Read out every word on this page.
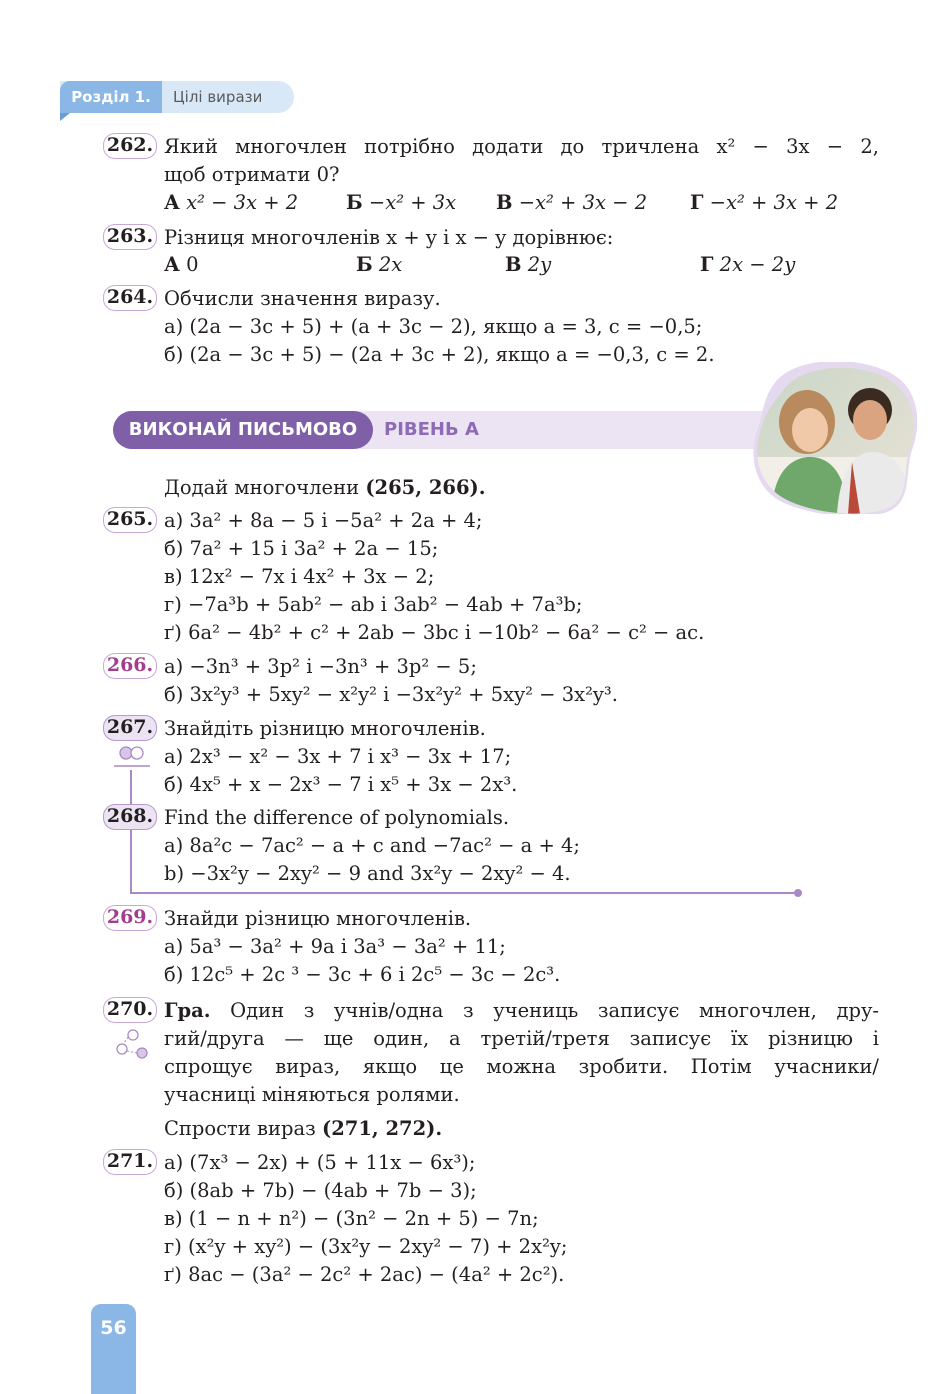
Розділ 1.	Цілі вирази
262. Який многочлен потрібно додати до тричлена x² − 3x − 2,
щоб отримати 0?
А x² − 3x + 2 Б −x² + 3x В −x² + 3x − 2 Г −x² + 3x + 2
263. Різниця многочленів x + y і x − y дорівнює:
А 0	Б 2x	В 2y	Г 2x − 2y
264. Обчисли значення виразу.
а) (2a − 3c + 5) + (a + 3c − 2), якщо a = 3, c = −0,5;
б) (2a − 3c + 5) − (2a + 3c + 2), якщо a = −0,3, c = 2.
ВИКОНАЙ ПИСЬМОВО	РІВЕНЬ А
Додай многочлени (265, 266).
265. а) 3a² + 8a − 5 і −5a² + 2a + 4;
б) 7a² + 15 і 3a² + 2a − 15;
в) 12x² − 7x і 4x² + 3x − 2;
г) −7a³b + 5ab² − ab і 3ab² − 4ab + 7a³b;
ґ) 6a² − 4b² + c² + 2ab − 3bc і −10b² − 6a² − c² − ac.
266. а) −3n³ + 3p² і −3n³ + 3p² − 5;
б) 3x²y³ + 5xy² − x²y² і −3x²y² + 5xy² − 3x²y³.
267. Знайдіть різницю многочленів.
а) 2x³ − x² − 3x + 7 і x³ − 3x + 17;
б) 4x⁵ + x − 2x³ − 7 і x⁵ + 3x − 2x³.
268. Find the difference of polynomials.
a) 8a²c − 7ac² − a + c and −7ac² − a + 4;
b) −3x²y − 2xy² − 9 and 3x²y − 2xy² − 4.
269. Знайди різницю многочленів.
а) 5a³ − 3a² + 9a і 3a³ − 3a² + 11;
б) 12c⁵ + 2c ³ − 3c + 6 і 2c⁵ − 3c − 2c³.
270. Гра. Один з учнів/одна з учениць записує многочлен, дру-
гий/друга — ще один, а третій/третя записує їх різницю і
спрощує вираз, якщо це можна зробити. Потім учасники/
учасниці міняються ролями.
Спрости вираз (271, 272).
271. а) (7x³ − 2x) + (5 + 11x − 6x³);
б) (8ab + 7b) − (4ab + 7b − 3);
в) (1 − n + n²) − (3n² − 2n + 5) − 7n;
г) (x²y + xy²) − (3x²y − 2xy² − 7) + 2x²y;
ґ) 8ac − (3a² − 2c² + 2ac) − (4a² + 2c²).
56
